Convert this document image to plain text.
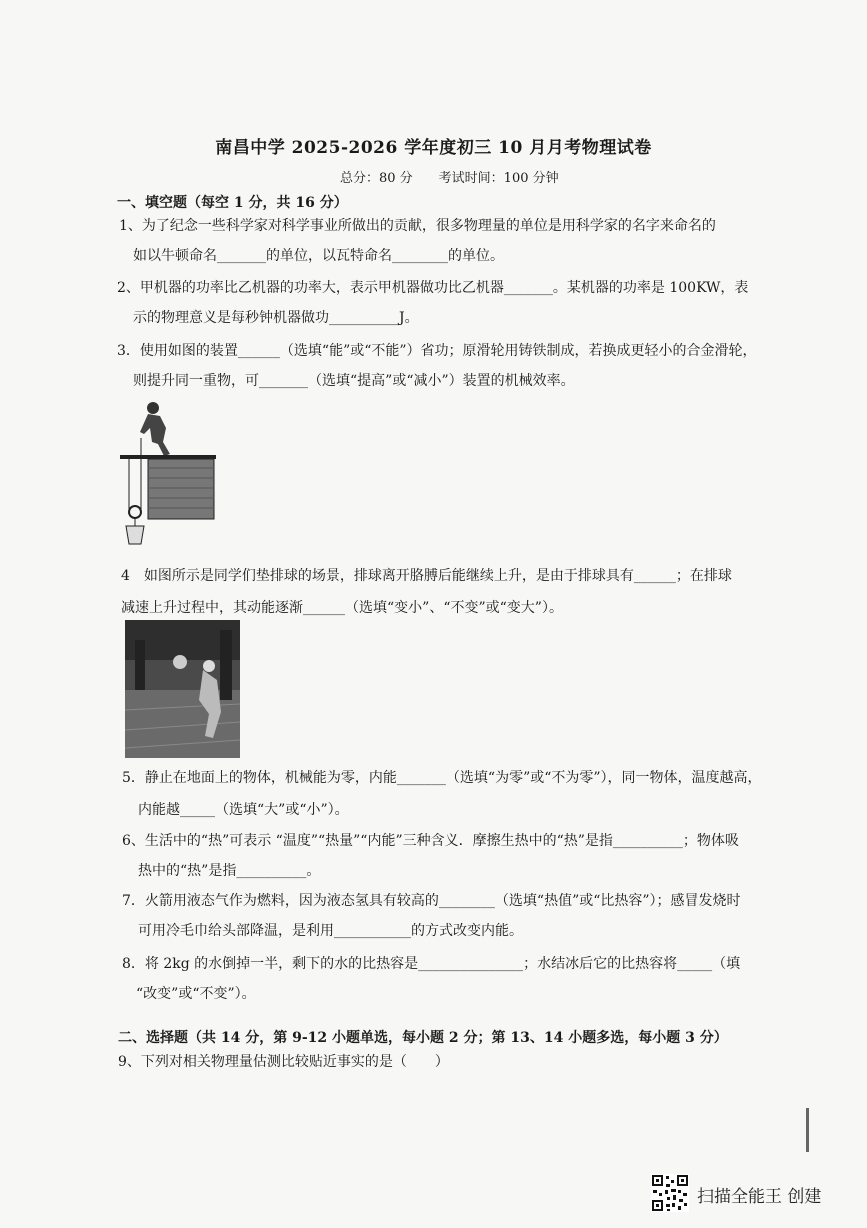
南昌中学 2025-2026 学年度初三 10 月月考物理试卷
总分：80 分　　考试时间：100 分钟
一、填空题（每空 1 分，共 16 分）
1、为了纪念一些科学家对科学事业所做出的贡献，很多物理量的单位是用科学家的名字来命名的
如以牛顿命名_______的单位，以瓦特命名________的单位。
2、甲机器的功率比乙机器的功率大，表示甲机器做功比乙机器_______。某机器的功率是 100KW，表
示的物理意义是每秒钟机器做功__________J。
3．使用如图的装置______（选填“能”或“不能”）省功；原滑轮用铸铁制成，若换成更轻小的合金滑轮，
则提升同一重物，可_______（选填“提高”或“减小”）装置的机械效率。
4　如图所示是同学们垫排球的场景，排球离开胳膊后能继续上升，是由于排球具有______；在排球
减速上升过程中，其动能逐渐______（选填“变小”、“不变”或“变大”）。
5．静止在地面上的物体，机械能为零，内能_______（选填“为零”或“不为零”），同一物体，温度越高，
内能越_____（选填“大”或“小”）。
6、生活中的“热”可表示 “温度”“热量”“内能”三种含义．摩擦生热中的“热”是指__________；物体吸
热中的“热”是指__________。
7．火箭用液态气作为燃料，因为液态氢具有较高的________（选填“热值”或“比热容”）；感冒发烧时
可用冷毛巾给头部降温，是利用___________的方式改变内能。
8．将 2kg 的水倒掉一半，剩下的水的比热容是_______________；水结冰后它的比热容将_____（填
“改变”或“不变”）。
二、选择题（共 14 分，第 9-12 小题单选，每小题 2 分；第 13、14 小题多选，每小题 3 分）
9、下列对相关物理量估测比较贴近事实的是（　　）
扫描全能王 创建
